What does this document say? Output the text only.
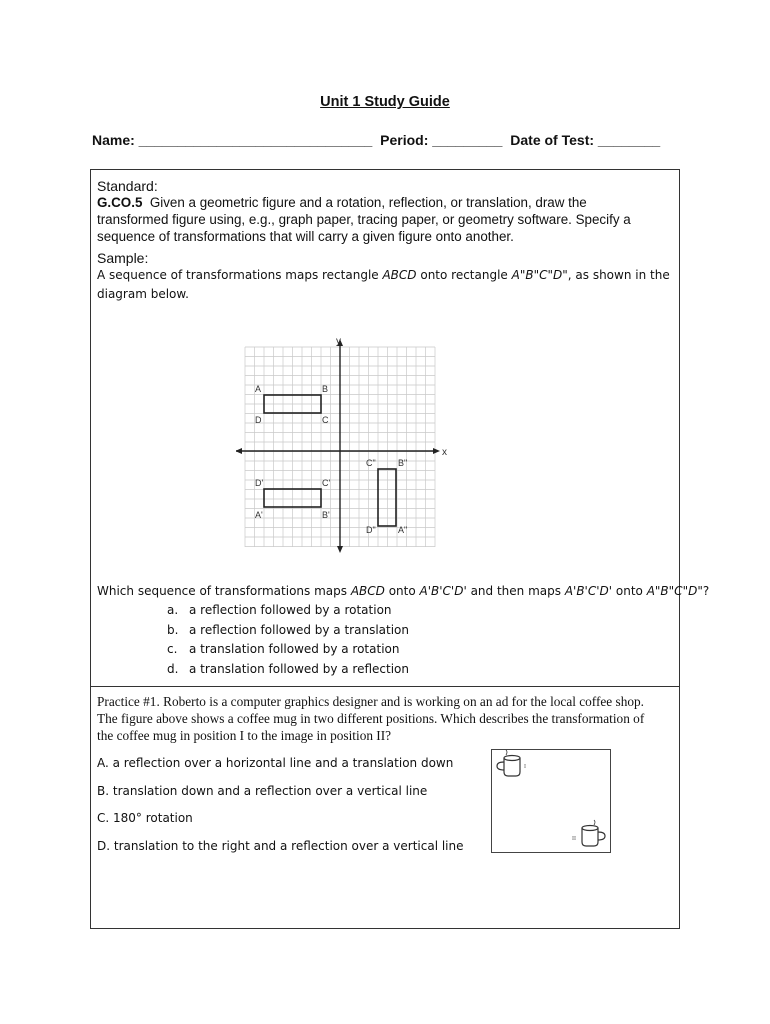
Unit 1 Study Guide
Name: ______________________________ Period: _________ Date of Test: ________
Standard:
G.CO.5 Given a geometric figure and a rotation, reflection, or translation, draw the
transformed figure using, e.g., graph paper, tracing paper, or geometry software. Specify a
sequence of transformations that will carry a given figure onto another.
Sample:
A sequence of transformations maps rectangle ABCD onto rectangle A"B"C"D", as shown in the
diagram below.
x
y
A	B
C
D
D'	C'
A'	B'
C" B"
D" A"
Which sequence of transformations maps ABCD onto A'B'C'D' and then maps A'B'C'D' onto A"B"C"D"?
a. a reflection followed by a rotation
b. a reflection followed by a translation
c. a translation followed by a rotation
d. a translation followed by a reflection
Practice #1. Roberto is a computer graphics designer and is working on an ad for the local coffee shop.
The figure above shows a coffee mug in two different positions. Which describes the transformation of
the coffee mug in position I to the image in position II?
A. a reflection over a horizontal line and a translation down
B. translation down and a reflection over a vertical line
C. 180° rotation
D. translation to the right and a reflection over a vertical line
I
II
